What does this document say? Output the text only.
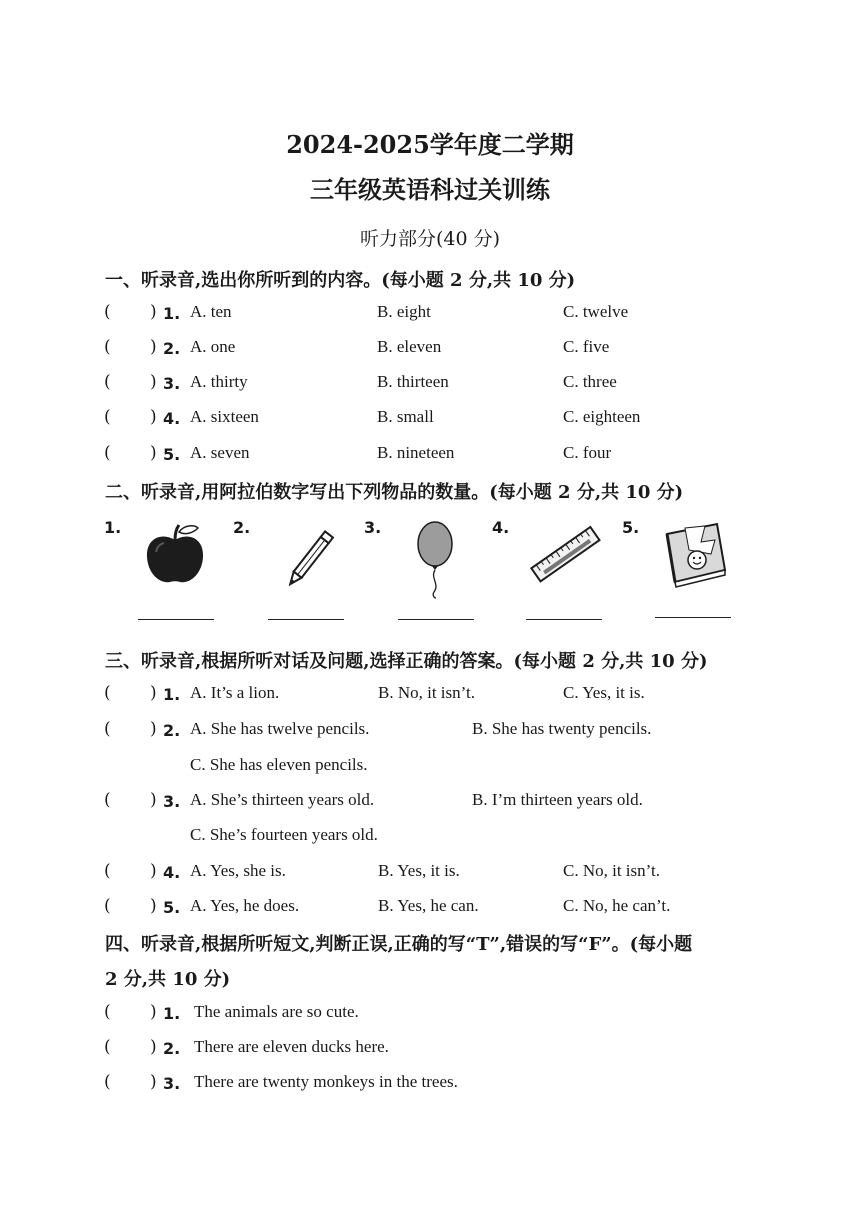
2024-2025学年度二学期
三年级英语科过关训练
听力部分(40 分)
一、听录音,选出你所听到的内容。(每小题 2 分,共 10 分)
( ) 1. A. ten	B. eight	C. twelve
( ) 2. A. one	B. eleven	C. five
( ) 3. A. thirty	B. thirteen	C. three
( ) 4. A. sixteen	B. small	C. eighteen
( ) 5. A. seven	B. nineteen	C. four
二、听录音,用阿拉伯数字写出下列物品的数量。(每小题 2 分,共 10 分)
1.	2.	3.	4.	5.
三、听录音,根据所听对话及问题,选择正确的答案。(每小题 2 分,共 10 分)
( ) 1. A. It’s a lion.	B. No, it isn’t.	C. Yes, it is.
( ) 2. A. She has twelve pencils.	B. She has twenty pencils.
C. She has eleven pencils.
( ) 3. A. She’s thirteen years old.	B. I’m thirteen years old.
C. She’s fourteen years old.
( ) 4. A. Yes, she is.	B. Yes, it is.	C. No, it isn’t.
( ) 5. A. Yes, he does.	B. Yes, he can.	C. No, he can’t.
四、听录音,根据所听短文,判断正误,正确的写“T”,错误的写“F”。(每小题
2 分,共 10 分)
( ) 1. The animals are so cute.
( ) 2. There are eleven ducks here.
( ) 3. There are twenty monkeys in the trees.
